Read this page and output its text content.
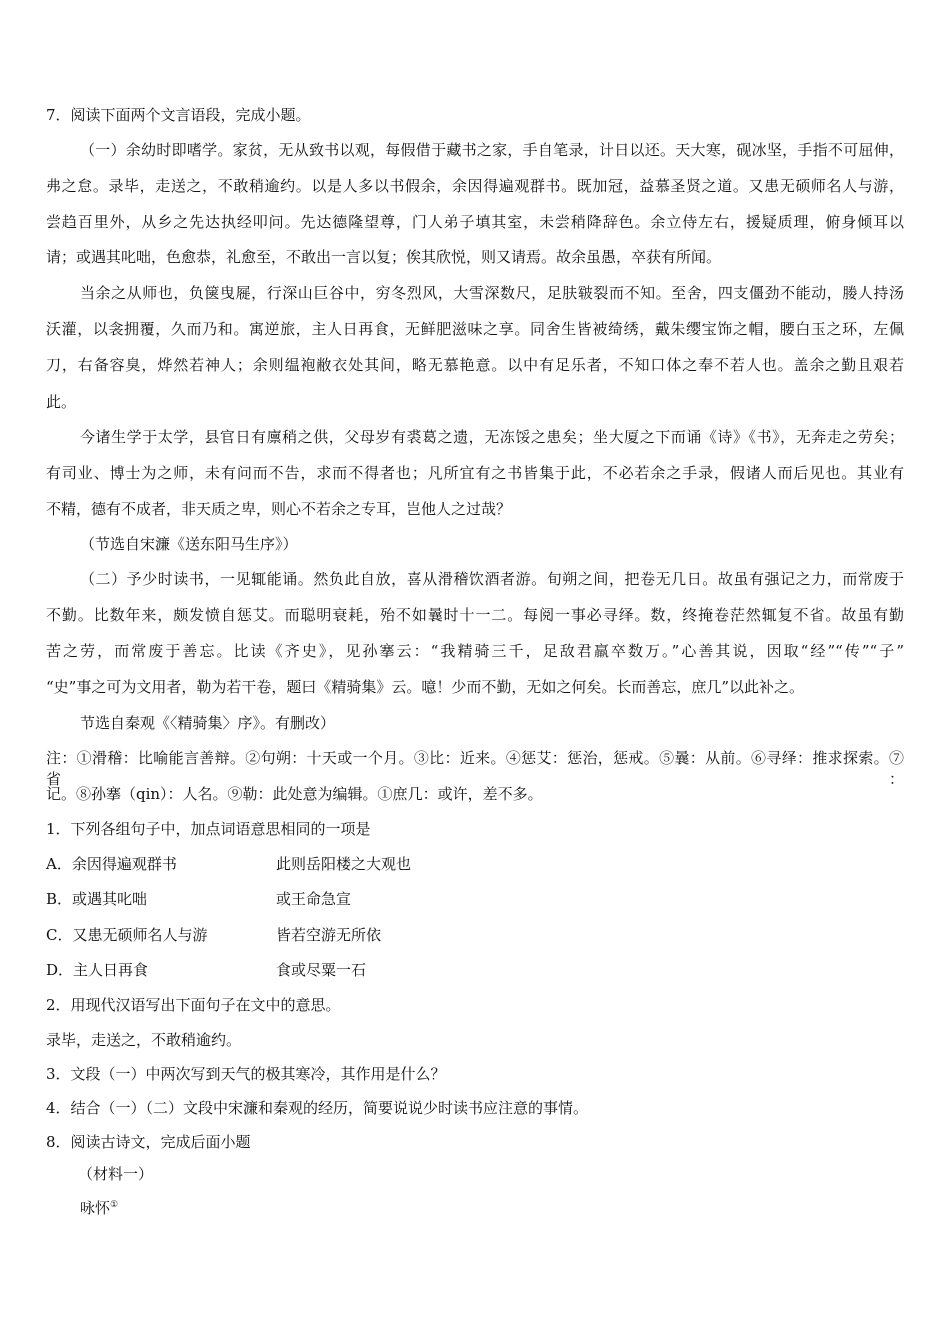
7．阅读下面两个文言语段，完成小题。
（一）余幼时即嗜学。家贫，无从致书以观，每假借于藏书之家，手自笔录，计日以还。天大寒，砚冰坚，手指不可屈伸，
弗之怠。录毕，走送之，不敢稍逾约。以是人多以书假余，余因得遍观群书。既加冠，益慕圣贤之道。又患无硕师名人与游，
尝趋百里外，从乡之先达执经叩问。先达德隆望尊，门人弟子填其室，未尝稍降辞色。余立侍左右，援疑质理，俯身倾耳以
请；或遇其叱咄，色愈恭，礼愈至，不敢出一言以复；俟其欣悦，则又请焉。故余虽愚，卒获有所闻。
当余之从师也，负箧曳屣，行深山巨谷中，穷冬烈风，大雪深数尺，足肤皲裂而不知。至舍，四支僵劲不能动，媵人持汤
沃灌，以衾拥覆，久而乃和。寓逆旅，主人日再食，无鲜肥滋味之享。同舍生皆被绮绣，戴朱缨宝饰之帽，腰白玉之环，左佩
刀，右备容臭，烨然若神人；余则缊袍敝衣处其间，略无慕艳意。以中有足乐者，不知口体之奉不若人也。盖余之勤且艰若
此。
今诸生学于太学，县官日有廪稍之供，父母岁有裘葛之遗，无冻馁之患矣；坐大厦之下而诵《诗》《书》，无奔走之劳矣；
有司业、博士为之师，未有问而不告，求而不得者也；凡所宜有之书皆集于此，不必若余之手录，假诸人而后见也。其业有
不精，德有不成者，非天质之卑，则心不若余之专耳，岂他人之过哉？
（节选自宋濂《送东阳马生序》）
（二）予少时读书，一见辄能诵。然负此自放，喜从滑稽饮酒者游。旬朔之间，把卷无几日。故虽有强记之力，而常废于
不勤。比数年来，颇发愤自惩艾。而聪明衰耗，殆不如曩时十一二。每阅一事必寻绎。数，终掩卷茫然辄复不省。故虽有勤
苦之劳，而常废于善忘。比读《齐史》，见孙搴云：“我精骑三千，足敌君羸卒数万。”心善其说，因取“经”“传”“子”
“史”事之可为文用者，勒为若干卷，题曰《精骑集》云。噫！少而不勤，无如之何矣。长而善忘，庶几”以此补之。
节选自秦观《〈精骑集〉序》。有删改）
注：①滑稽：比喻能言善辩。②句朔：十天或一个月。③比：近来。④惩艾：惩治，惩戒。⑤曩：从前。⑥寻绎：推求探索。⑦省：
记。⑧孙搴（qin）：人名。⑨勒：此处意为编辑。①庶几：或许，差不多。
1．下列各组句子中，加点词语意思相同的一项是
A．余因得遍观群书	此则岳阳楼之大观也
B．或遇其叱咄	或王命急宣
C．又患无硕师名人与游	皆若空游无所依
D．主人日再食	食或尽粟一石
2．用现代汉语写出下面句子在文中的意思。
录毕，走送之，不敢稍逾约。
3．文段（一）中两次写到天气的极其寒冷，其作用是什么？
4．结合（一）（二）文段中宋濂和秦观的经历，简要说说少时读书应注意的事情。
8．阅读古诗文，完成后面小题
（材料一）
咏怀①
